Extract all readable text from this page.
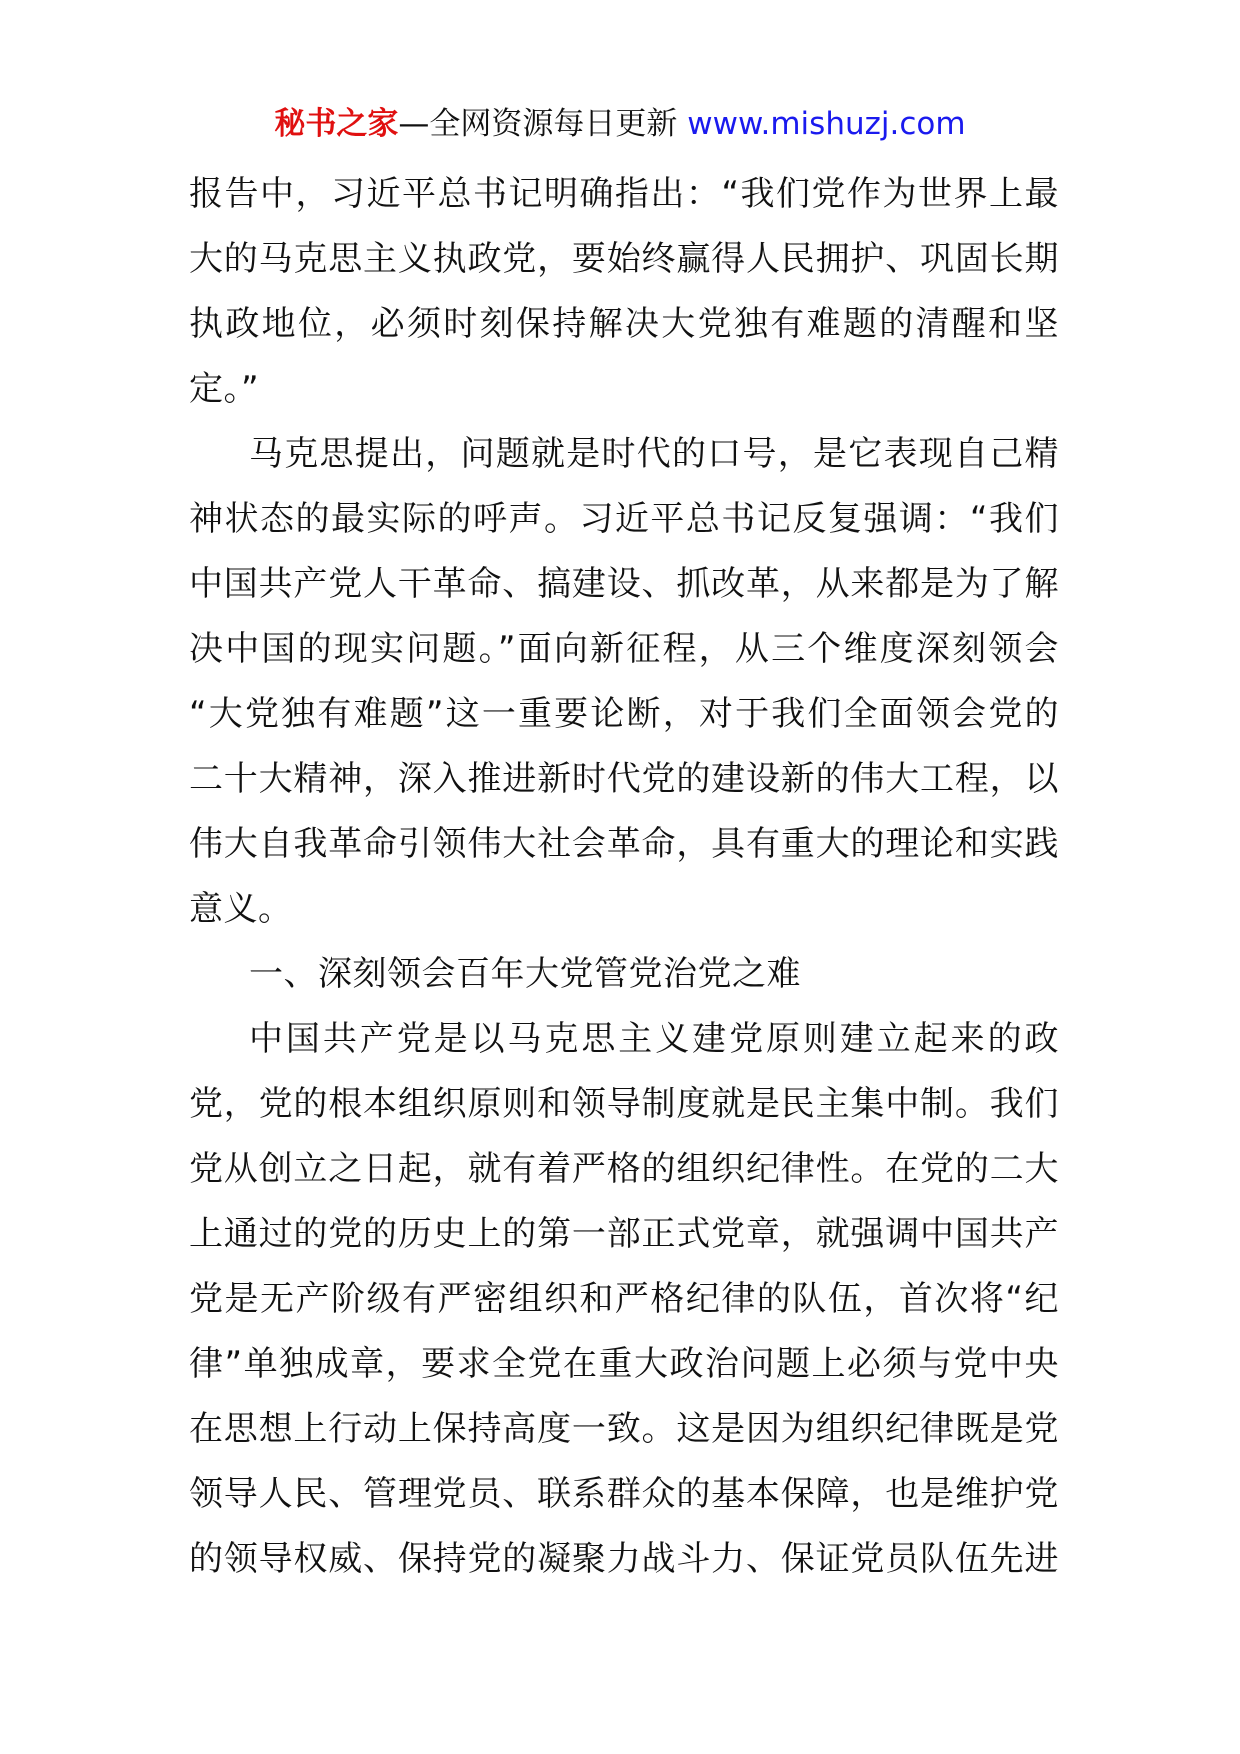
秘书之家—全网资源每日更新 www.mishuzj.com
报告中，习近平总书记明确指出：“我们党作为世界上最
大的马克思主义执政党，要始终赢得人民拥护、巩固长期
执政地位，必须时刻保持解决大党独有难题的清醒和坚
定。”
马克思提出，问题就是时代的口号，是它表现自己精
神状态的最实际的呼声。习近平总书记反复强调：“我们
中国共产党人干革命、搞建设、抓改革，从来都是为了解
决中国的现实问题。”面向新征程，从三个维度深刻领会
“大党独有难题”这一重要论断，对于我们全面领会党的
二十大精神，深入推进新时代党的建设新的伟大工程，以
伟大自我革命引领伟大社会革命，具有重大的理论和实践
意义。
一、深刻领会百年大党管党治党之难
中国共产党是以马克思主义建党原则建立起来的政
党，党的根本组织原则和领导制度就是民主集中制。我们
党从创立之日起，就有着严格的组织纪律性。在党的二大
上通过的党的历史上的第一部正式党章，就强调中国共产
党是无产阶级有严密组织和严格纪律的队伍，首次将“纪
律”单独成章，要求全党在重大政治问题上必须与党中央
在思想上行动上保持高度一致。这是因为组织纪律既是党
领导人民、管理党员、联系群众的基本保障，也是维护党
的领导权威、保持党的凝聚力战斗力、保证党员队伍先进
